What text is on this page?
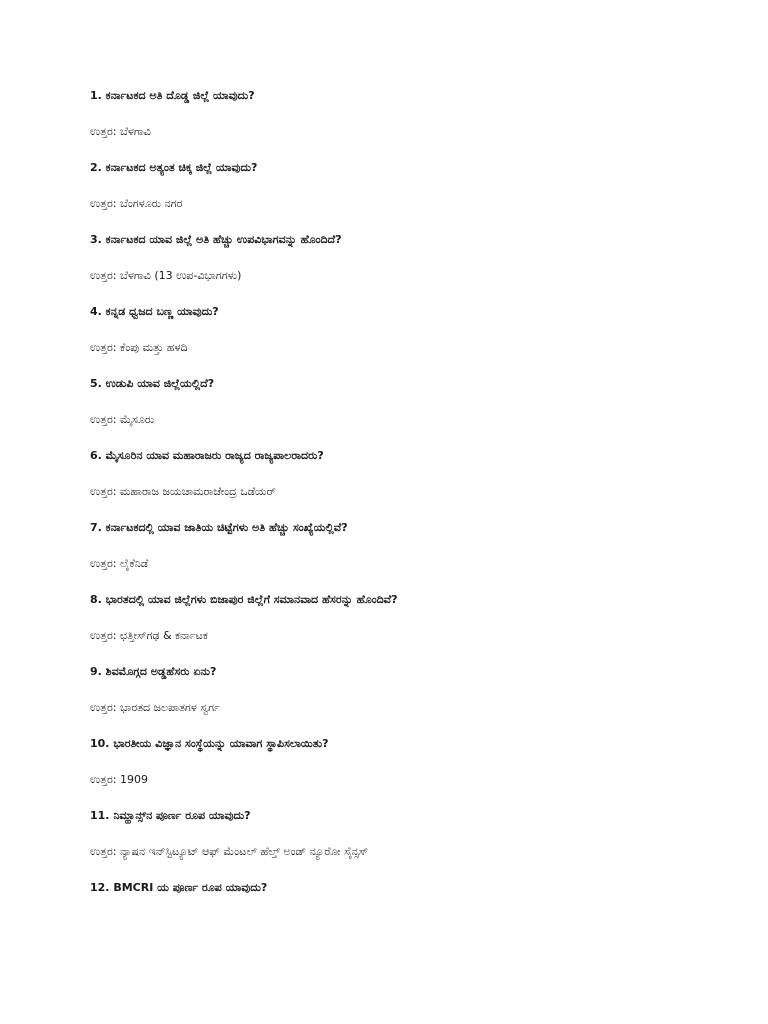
1. ಕರ್ನಾಟಕದ ಅತಿ ದೊಡ್ಡ ಜಿಲ್ಲೆ ಯಾವುದು?

ಉತ್ತರ: ಬೆಳಗಾವಿ

2. ಕರ್ನಾಟಕದ ಅತ್ಯಂತ ಚಿಕ್ಕ ಜಿಲ್ಲೆ ಯಾವುದು?

ಉತ್ತರ: ಬೆಂಗಳೂರು ನಗರ

3. ಕರ್ನಾಟಕದ ಯಾವ ಜಿಲ್ಲೆ ಅತಿ ಹೆಚ್ಚು ಉಪವಿಭಾಗವನ್ನು ಹೊಂದಿದೆ?

ಉತ್ತರ: ಬೆಳಗಾವಿ (13 ಉಪ-ವಿಭಾಗಗಳು)

4. ಕನ್ನಡ ಧ್ವಜದ ಬಣ್ಣ ಯಾವುದು?

ಉತ್ತರ: ಕೆಂಪು ಮತ್ತು ಹಳದಿ

5. ಉಡುಪಿ ಯಾವ ಜಿಲ್ಲೆಯಲ್ಲಿದೆ?

ಉತ್ತರ: ಮೈಸೂರು

6. ಮೈಸೂರಿನ ಯಾವ ಮಹಾರಾಜರು ರಾಜ್ಯದ ರಾಜ್ಯಪಾಲರಾದರು?

ಉತ್ತರ: ಮಹಾರಾಜ ಜಯಚಾಮರಾಜೇಂದ್ರ ಒಡೆಯರ್

7. ಕರ್ನಾಟಕದಲ್ಲಿ ಯಾವ ಜಾತಿಯ ಚಿಟ್ಟೆಗಳು ಅತಿ ಹೆಚ್ಚು ಸಂಖ್ಯೆಯಲ್ಲಿವೆ?

ಉತ್ತರ: ಲೈಕೆನಿಡೆ

8. ಭಾರತದಲ್ಲಿ ಯಾವ ಜಿಲ್ಲೆಗಳು ಬಿಜಾಪುರ ಜಿಲ್ಲೆಗೆ ಸಮಾನವಾದ ಹೆಸರನ್ನು ಹೊಂದಿವೆ?

ಉತ್ತರ: ಛತ್ತೀಸ್‌ಗಢ & ಕರ್ನಾಟಕ

9. ಶಿವಮೊಗ್ಗದ ಅಡ್ಡಹೆಸರು ಏನು?

ಉತ್ತರ: ಭಾರತದ ಜಲಪಾತಗಳ ಸ್ವರ್ಗ

10. ಭಾರತೀಯ ವಿಜ್ಞಾನ ಸಂಸ್ಥೆಯನ್ನು ಯಾವಾಗ ಸ್ಥಾಪಿಸಲಾಯಿತು?

ಉತ್ತರ: 1909

11. ನಿಮ್ಹಾನ್ಸ್‌ನ ಪೂರ್ಣ ರೂಪ ಯಾವುದು?

ಉತ್ತರ: ನ್ಯಾಷನ ಇನ್‌ಸ್ಟಿಟ್ಯೂಟ್ ಆಫ್ ಮೆಂಟಲ್ ಹೆಲ್ತ್ ಅಂಡ್ ನ್ಯೂರೋ ಸೈನ್ಸಸ್

12. BMCRI ಯ ಪೂರ್ಣ ರೂಪ ಯಾವುದು?
